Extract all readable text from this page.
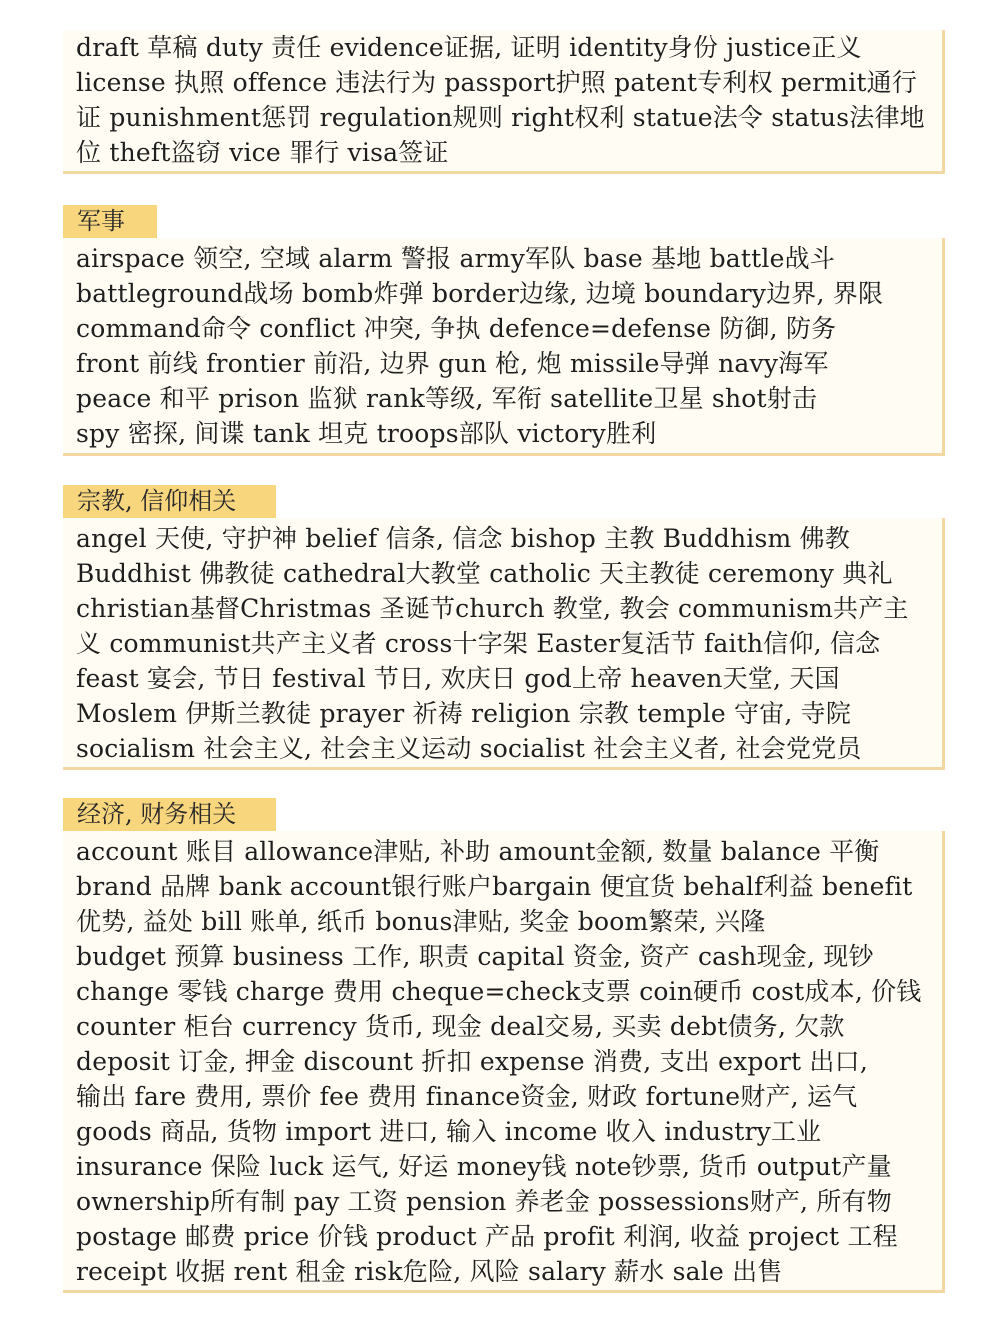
draft 草稿 duty 责任 evidence证据, 证明 identity身份 justice正义
license 执照 offence 违法行为 passport护照 patent专利权 permit通行
证 punishment惩罚 regulation规则 right权利 statue法令 status法律地
位 theft盗窃 vice 罪行 visa签证
军事
airspace 领空, 空域 alarm 警报 army军队 base 基地 battle战斗
battleground战场 bomb炸弹 border边缘, 边境 boundary边界, 界限
command命令 conflict 冲突, 争执 defence=defense 防御, 防务
front 前线 frontier 前沿, 边界 gun 枪, 炮 missile导弹 navy海军
peace 和平 prison 监狱 rank等级, 军衔 satellite卫星 shot射击
spy 密探, 间谍 tank 坦克 troops部队 victory胜利
宗教, 信仰相关
angel 天使, 守护神 belief 信条, 信念 bishop 主教 Buddhism 佛教
Buddhist 佛教徒 cathedral大教堂 catholic 天主教徒 ceremony 典礼
christian基督Christmas 圣诞节church 教堂, 教会 communism共产主
义 communist共产主义者 cross十字架 Easter复活节 faith信仰, 信念
feast 宴会, 节日 festival 节日, 欢庆日 god上帝 heaven天堂, 天国
Moslem 伊斯兰教徒 prayer 祈祷 religion 宗教 temple 守宙, 寺院
socialism 社会主义, 社会主义运动 socialist 社会主义者, 社会党党员
经济, 财务相关
account 账目 allowance津贴, 补助 amount金额, 数量 balance 平衡
brand 品牌 bank account银行账户bargain 便宜货 behalf利益 benefit
优势, 益处 bill 账单, 纸币 bonus津贴, 奖金 boom繁荣, 兴隆
budget 预算 business 工作, 职责 capital 资金, 资产 cash现金, 现钞
change 零钱 charge 费用 cheque=check支票 coin硬币 cost成本, 价钱
counter 柜台 currency 货币, 现金 deal交易, 买卖 debt债务, 欠款
deposit 订金, 押金 discount 折扣 expense 消费, 支出 export 出口,
输出 fare 费用, 票价 fee 费用 finance资金, 财政 fortune财产, 运气
goods 商品, 货物 import 进口, 输入 income 收入 industry工业
insurance 保险 luck 运气, 好运 money钱 note钞票, 货币 output产量
ownership所有制 pay 工资 pension 养老金 possessions财产, 所有物
postage 邮费 price 价钱 product 产品 profit 利润, 收益 project 工程
receipt 收据 rent 租金 risk危险, 风险 salary 薪水 sale 出售
